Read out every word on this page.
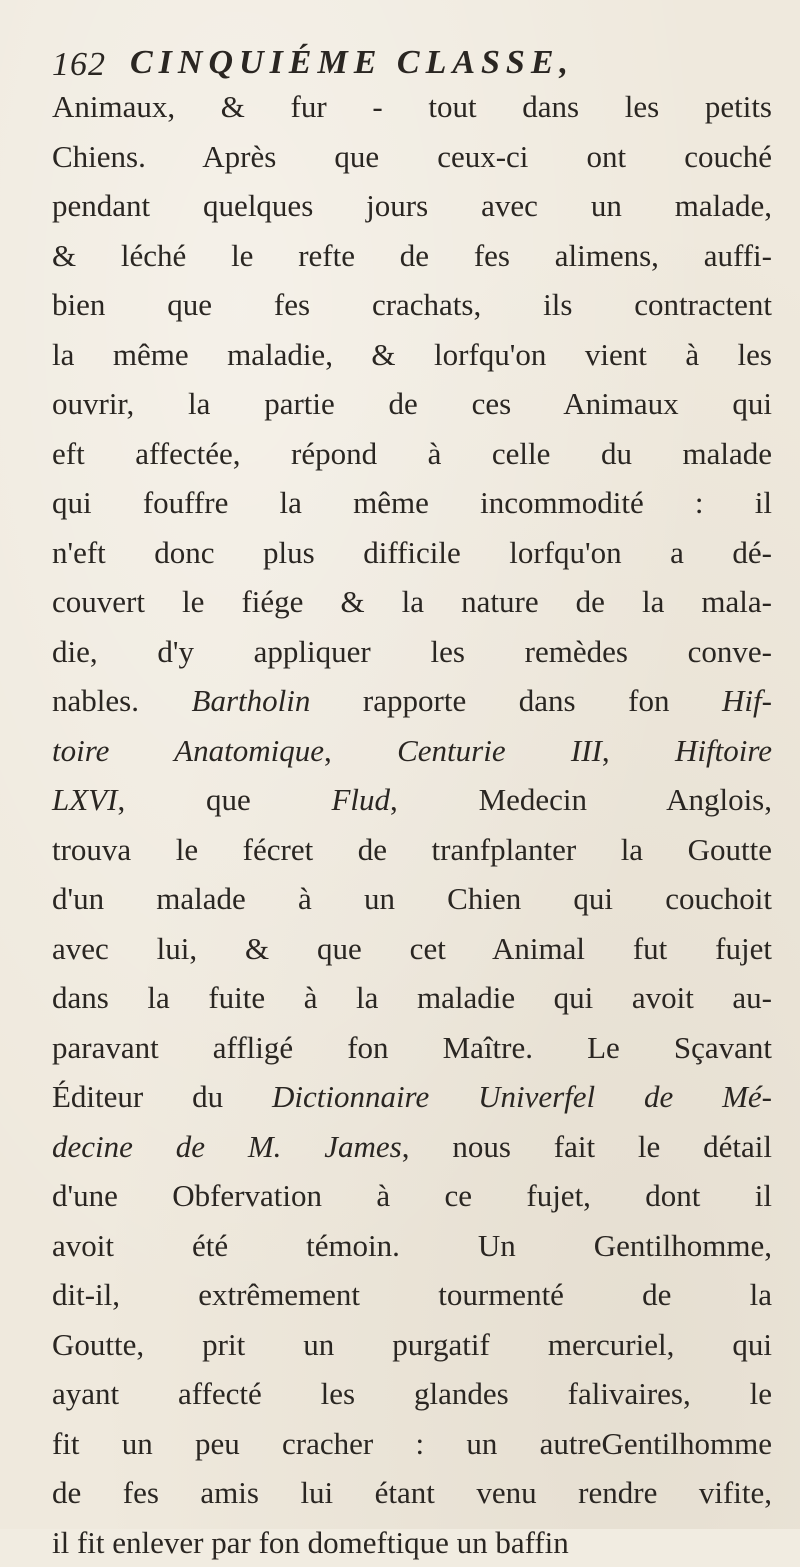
162 CINQUIÉME CLASSE,
Animaux, & fur - tout dans les petits
Chiens. Après que ceux-ci ont couché
pendant quelques jours avec un malade,
& léché le refte de fes alimens, auffi-
bien que fes crachats, ils contractent
la même maladie, & lorfqu'on vient à les
ouvrir, la partie de ces Animaux qui
eft affectée, répond à celle du malade
qui fouffre la même incommodité : il
n'eft donc plus difficile lorfqu'on a dé-
couvert le fiége & la nature de la mala-
die, d'y appliquer les remèdes conve-
nables. Bartholin rapporte dans fon Hif-
toire Anatomique, Centurie III, Hiftoire
LXVI, que Flud, Medecin Anglois,
trouva le fécret de tranfplanter la Goutte
d'un malade à un Chien qui couchoit
avec lui, & que cet Animal fut fujet
dans la fuite à la maladie qui avoit au-
paravant affligé fon Maître. Le Sçavant
Éditeur du Dictionnaire Univerfel de Mé-
decine de M. James, nous fait le détail
d'une Obfervation à ce fujet, dont il
avoit été témoin. Un Gentilhomme,
dit-il, extrêmement tourmenté de la
Goutte, prit un purgatif mercuriel, qui
ayant affecté les glandes falivaires, le
fit un peu cracher : un autreGentilhomme
de fes amis lui étant venu rendre vifite,
il fit enlever par fon domeftique un baffin
